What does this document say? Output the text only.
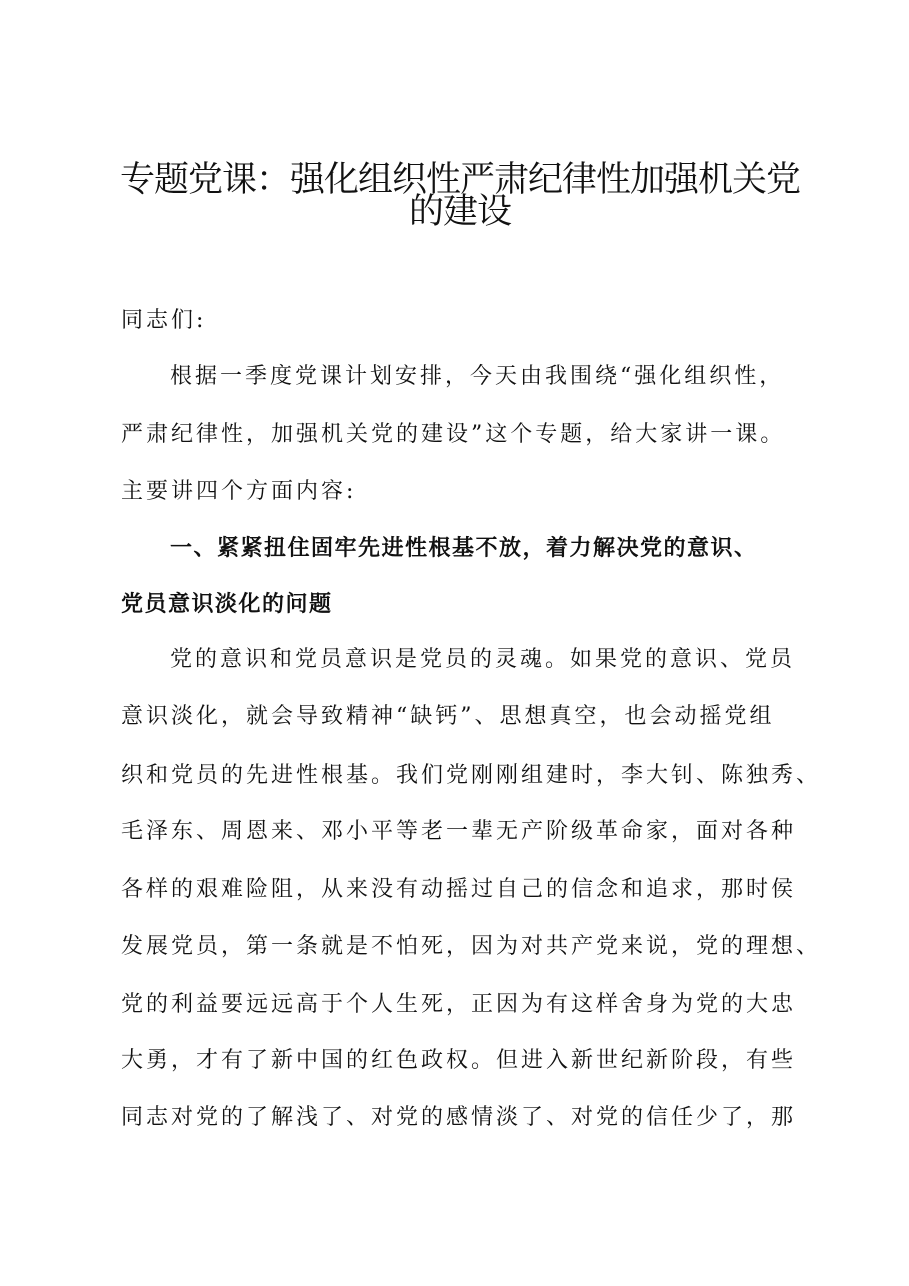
专题党课：强化组织性严肃纪律性加强机关党
的建设

同志们:

根据一季度党课计划安排，今天由我围绕“强化组织性，

严肃纪律性，加强机关党的建设”这个专题，给大家讲一课。

主要讲四个方面内容:

一、紧紧扭住固牢先进性根基不放，着力解决党的意识、

党员意识淡化的问题

党的意识和党员意识是党员的灵魂。如果党的意识、党员

意识淡化，就会导致精神“缺钙”、思想真空，也会动摇党组

织和党员的先进性根基。我们党刚刚组建时，李大钊、陈独秀、

毛泽东、周恩来、邓小平等老一辈无产阶级革命家，面对各种

各样的艰难险阻，从来没有动摇过自己的信念和追求，那时侯

发展党员，第一条就是不怕死，因为对共产党来说，党的理想、

党的利益要远远高于个人生死，正因为有这样舍身为党的大忠

大勇，才有了新中国的红色政权。但进入新世纪新阶段，有些

同志对党的了解浅了、对党的感情淡了、对党的信任少了，那
